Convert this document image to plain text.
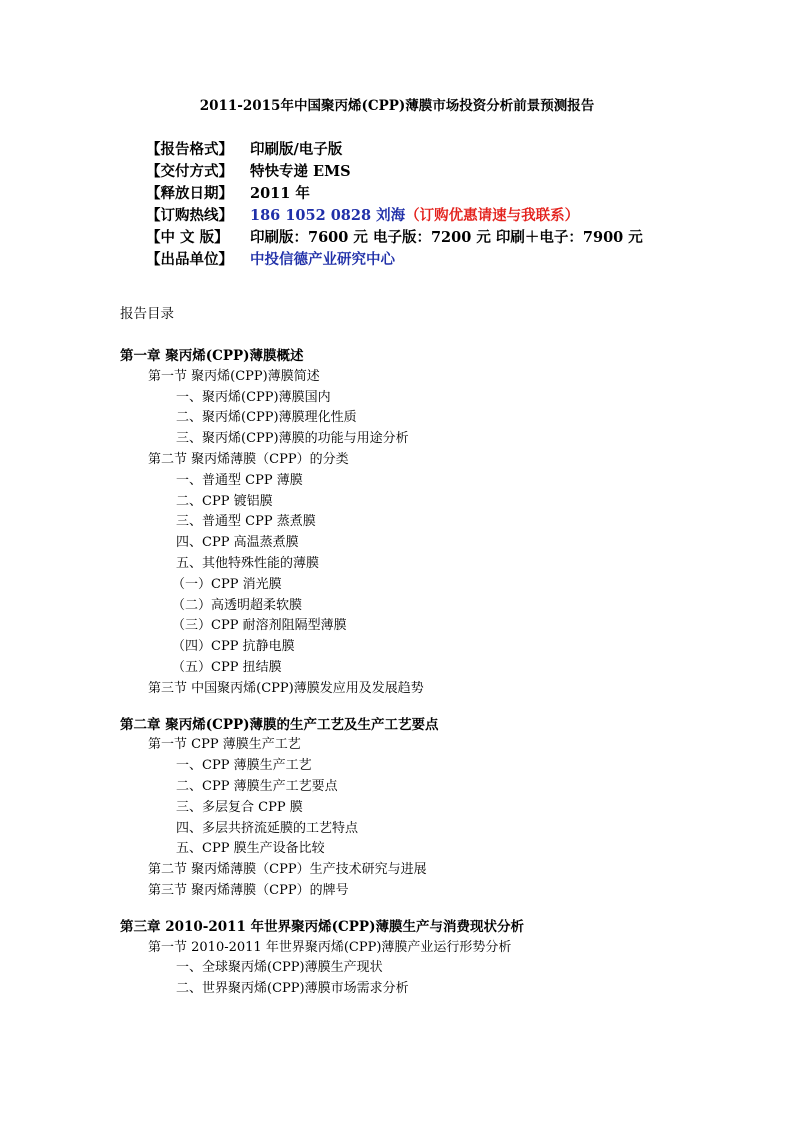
2011-2015年中国聚丙烯(CPP)薄膜市场投资分析前景预测报告
【报告格式】 印刷版/电子版
【交付方式】 特快专递 EMS
【释放日期】 2011 年
【订购热线】 186 1052 0828 刘海（订购优惠请速与我联系）
【中 文 版】 印刷版：7600 元 电子版：7200 元 印刷＋电子：7900 元
【出品单位】 中投信德产业研究中心
报告目录
第一章 聚丙烯(CPP)薄膜概述
第一节 聚丙烯(CPP)薄膜简述
一、聚丙烯(CPP)薄膜国内
二、聚丙烯(CPP)薄膜理化性质
三、聚丙烯(CPP)薄膜的功能与用途分析
第二节 聚丙烯薄膜（CPP）的分类
一、普通型 CPP 薄膜
二、CPP 镀铝膜
三、普通型 CPP 蒸煮膜
四、CPP 高温蒸煮膜
五、其他特殊性能的薄膜
（一）CPP 消光膜
（二）高透明超柔软膜
（三）CPP 耐溶剂阻隔型薄膜
（四）CPP 抗静电膜
（五）CPP 扭结膜
第三节 中国聚丙烯(CPP)薄膜发应用及发展趋势
第二章 聚丙烯(CPP)薄膜的生产工艺及生产工艺要点
第一节 CPP 薄膜生产工艺
一、CPP 薄膜生产工艺
二、CPP 薄膜生产工艺要点
三、多层复合 CPP 膜
四、多层共挤流延膜的工艺特点
五、CPP 膜生产设备比较
第二节 聚丙烯薄膜（CPP）生产技术研究与进展
第三节 聚丙烯薄膜（CPP）的牌号
第三章 2010-2011 年世界聚丙烯(CPP)薄膜生产与消费现状分析
第一节 2010-2011 年世界聚丙烯(CPP)薄膜产业运行形势分析
一、全球聚丙烯(CPP)薄膜生产现状
二、世界聚丙烯(CPP)薄膜市场需求分析
